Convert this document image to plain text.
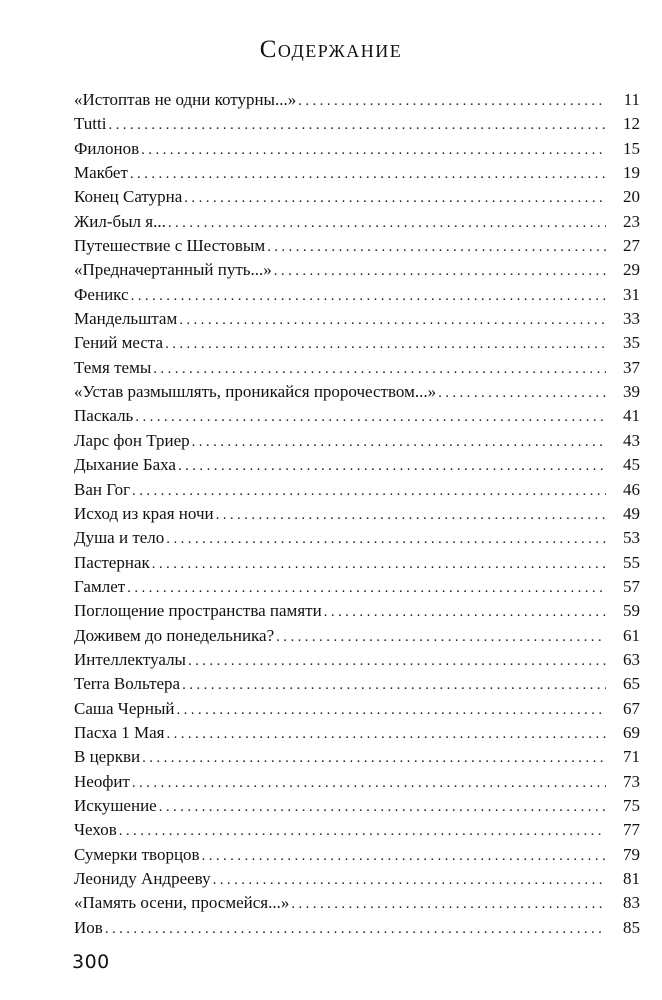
Содержание
«Истоптав не одни котурны...» .....	11
Tutti .....	12
Филонов .....	15
Макбет .....	19
Конец Сатурна .....	20
Жил-был я... .....	23
Путешествие с Шестовым .....	27
«Предначертанный путь...» .....	29
Феникс .....	31
Мандельштам .....	33
Гений места .....	35
Темя темы .....	37
«Устав размышлять, проникайся пророчеством...» .....	39
Паскаль .....	41
Ларс фон Триер .....	43
Дыхание Баха .....	45
Ван Гог .....	46
Исход из края ночи .....	49
Душа и тело .....	53
Пастернак .....	55
Гамлет .....	57
Поглощение пространства памяти .....	59
Доживем до понедельника? .....	61
Интеллектуалы .....	63
Terra Вольтера .....	65
Саша Черный .....	67
Пасха 1 Мая .....	69
В церкви .....	71
Неофит .....	73
Искушение .....	75
Чехов .....	77
Сумерки творцов .....	79
Леониду Андрееву .....	81
«Память осени, просмейся...» .....	83
Иов .....	85
300
